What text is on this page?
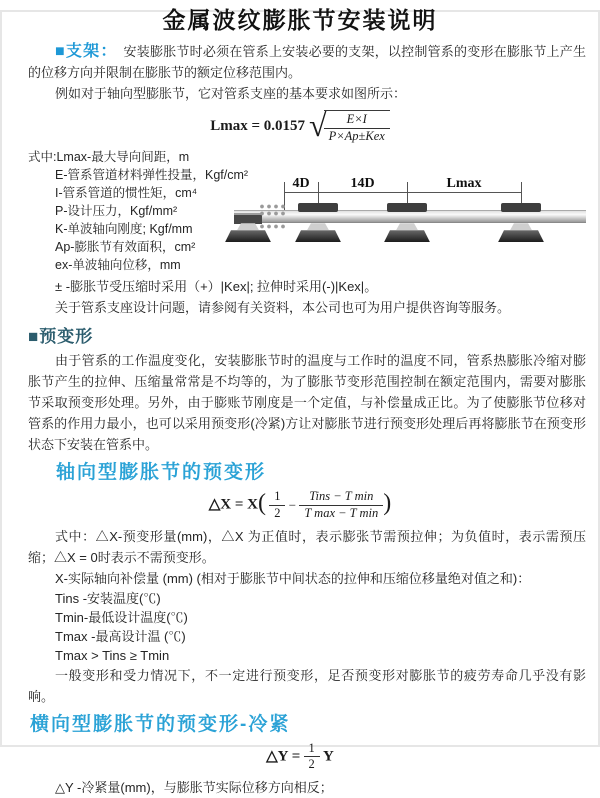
金属波纹膨胀节安装说明

■支架： 安装膨胀节时必须在管系上安装必要的支架，以控制管系的变形在膨胀节上产生的位移方向并限制在膨胀节的额定位移范围内。

例如对于轴向型膨胀节，它对管系支座的基本要求如图所示：

Lmax = 0.0157 √
$\frac{E\times I}{\text{P×Ap±Kex}}$
式中:Lmax-最大导向间距，m
E-管系管道材料弹性投量，Kgf/cm²
I-管系管道的惯性矩，cm⁴
P-设计压力，Kgf/mm²
K-单波轴向刚度; Kgf/mm
Ap-膨胀节有效面积，cm²
ex-单波轴向位移，mm
4D	14D	Lmax

± -膨胀节受压缩时采用（+）|Kex|; 拉伸时采用(-)|Kex|。

关于管系支座设计问题，请参阅有关资料，本公司也可为用户提供咨询等服务。

■预变形

由于管系的工作温度变化，安装膨胀节时的温度与工作时的温度不同，管系热膨胀冷缩对膨胀节产生的拉伸、压缩量常常是不均等的，为了膨胀节变形范围控制在额定范围内，需要对膨胀节采取预变形处理。另外，由于膨账节刚度是一个定值，与补偿量成正比。为了使膨胀节位移对管系的作用力最小，也可以采用预变形(冷紧)方让对膨胀节进行预变形处理后再将膨胀节在预变形状态下安装在管系中。

轴向型膨胀节的预变形
△X = $X( \frac{1}{2} - \frac{\text{Tins − T min}}{\text{T max − T min}}$ )

式中：△X-预变形量(mm)，△X 为正值时，表示膨张节需预拉伸；为负值时，表示需预压缩；△X = 0时表示不需预变形。

X-实际轴向补偿量 (mm) (相对于膨胀节中间状态的拉伸和压缩位移量绝对值之和)：

Tins -安装温度(℃)

Tmin-最低设计温度(℃)

Tmax -最高设计温 (℃)

Tmax > Tins ≥ Tmin

一般变形和受力情况下，不一定进行预变形，足否预变形对膨胀节的疲劳寿命几乎没有影响。

横向型膨胀节的预变形-冷紧
△Y = $\frac{1}{2}$ Y

△Y -冷紧量(mm)，与膨胀节实际位移方向相反；
